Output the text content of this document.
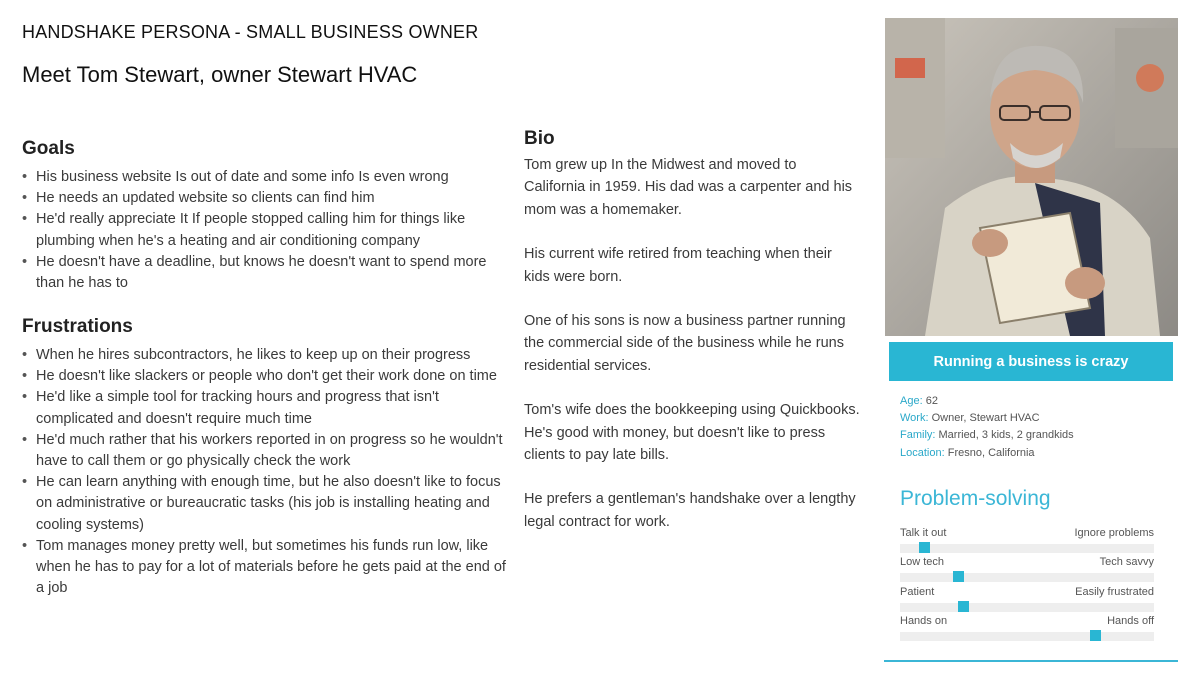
HANDSHAKE PERSONA - SMALL BUSINESS OWNER
Meet Tom Stewart, owner Stewart HVAC
Goals
• His business website Is out of date and some info Is even wrong
• He needs an updated website so clients can find him
• He'd really appreciate It If people stopped calling him for things like plumbing when he's a heating and air conditioning company
• He doesn't have a deadline, but knows he doesn't want to spend more than he has to
Frustrations
• When he hires subcontractors, he likes to keep up on their progress
• He doesn't like slackers or people who don't get their work done on time
• He'd like a simple tool for tracking hours and progress that isn't complicated and doesn't require much time
• He'd much rather that his workers reported in on progress so he wouldn't have to call them or go physically check the work
• He can learn anything with enough time, but he also doesn't like to focus on administrative or bureaucratic tasks (his job is installing heating and cooling systems)
• Tom manages money pretty well, but sometimes his funds run low, like when he has to pay for a lot of materials before he gets paid at the end of a job
Bio

Tom grew up In the Midwest and moved to California in 1959. His dad was a carpenter and his mom was a homemaker.

His current wife retired from teaching when their kids were born.

One of his sons is now a business partner running the commercial side of the business while he runs residential services.

Tom's wife does the bookkeeping using Quickbooks. He's good with money, but doesn't like to press clients to pay late bills.

He prefers a gentleman's handshake over a lengthy legal contract for work.

Running a business is crazy
Age: 62
Work: Owner, Stewart HVAC
Family: Married, 3 kids, 2 grandkids
Location: Fresno, California
Problem-solving
Talk it out	Ignore problems
Low tech	Tech savvy
Patient	Easily frustrated
Hands on	Hands off
